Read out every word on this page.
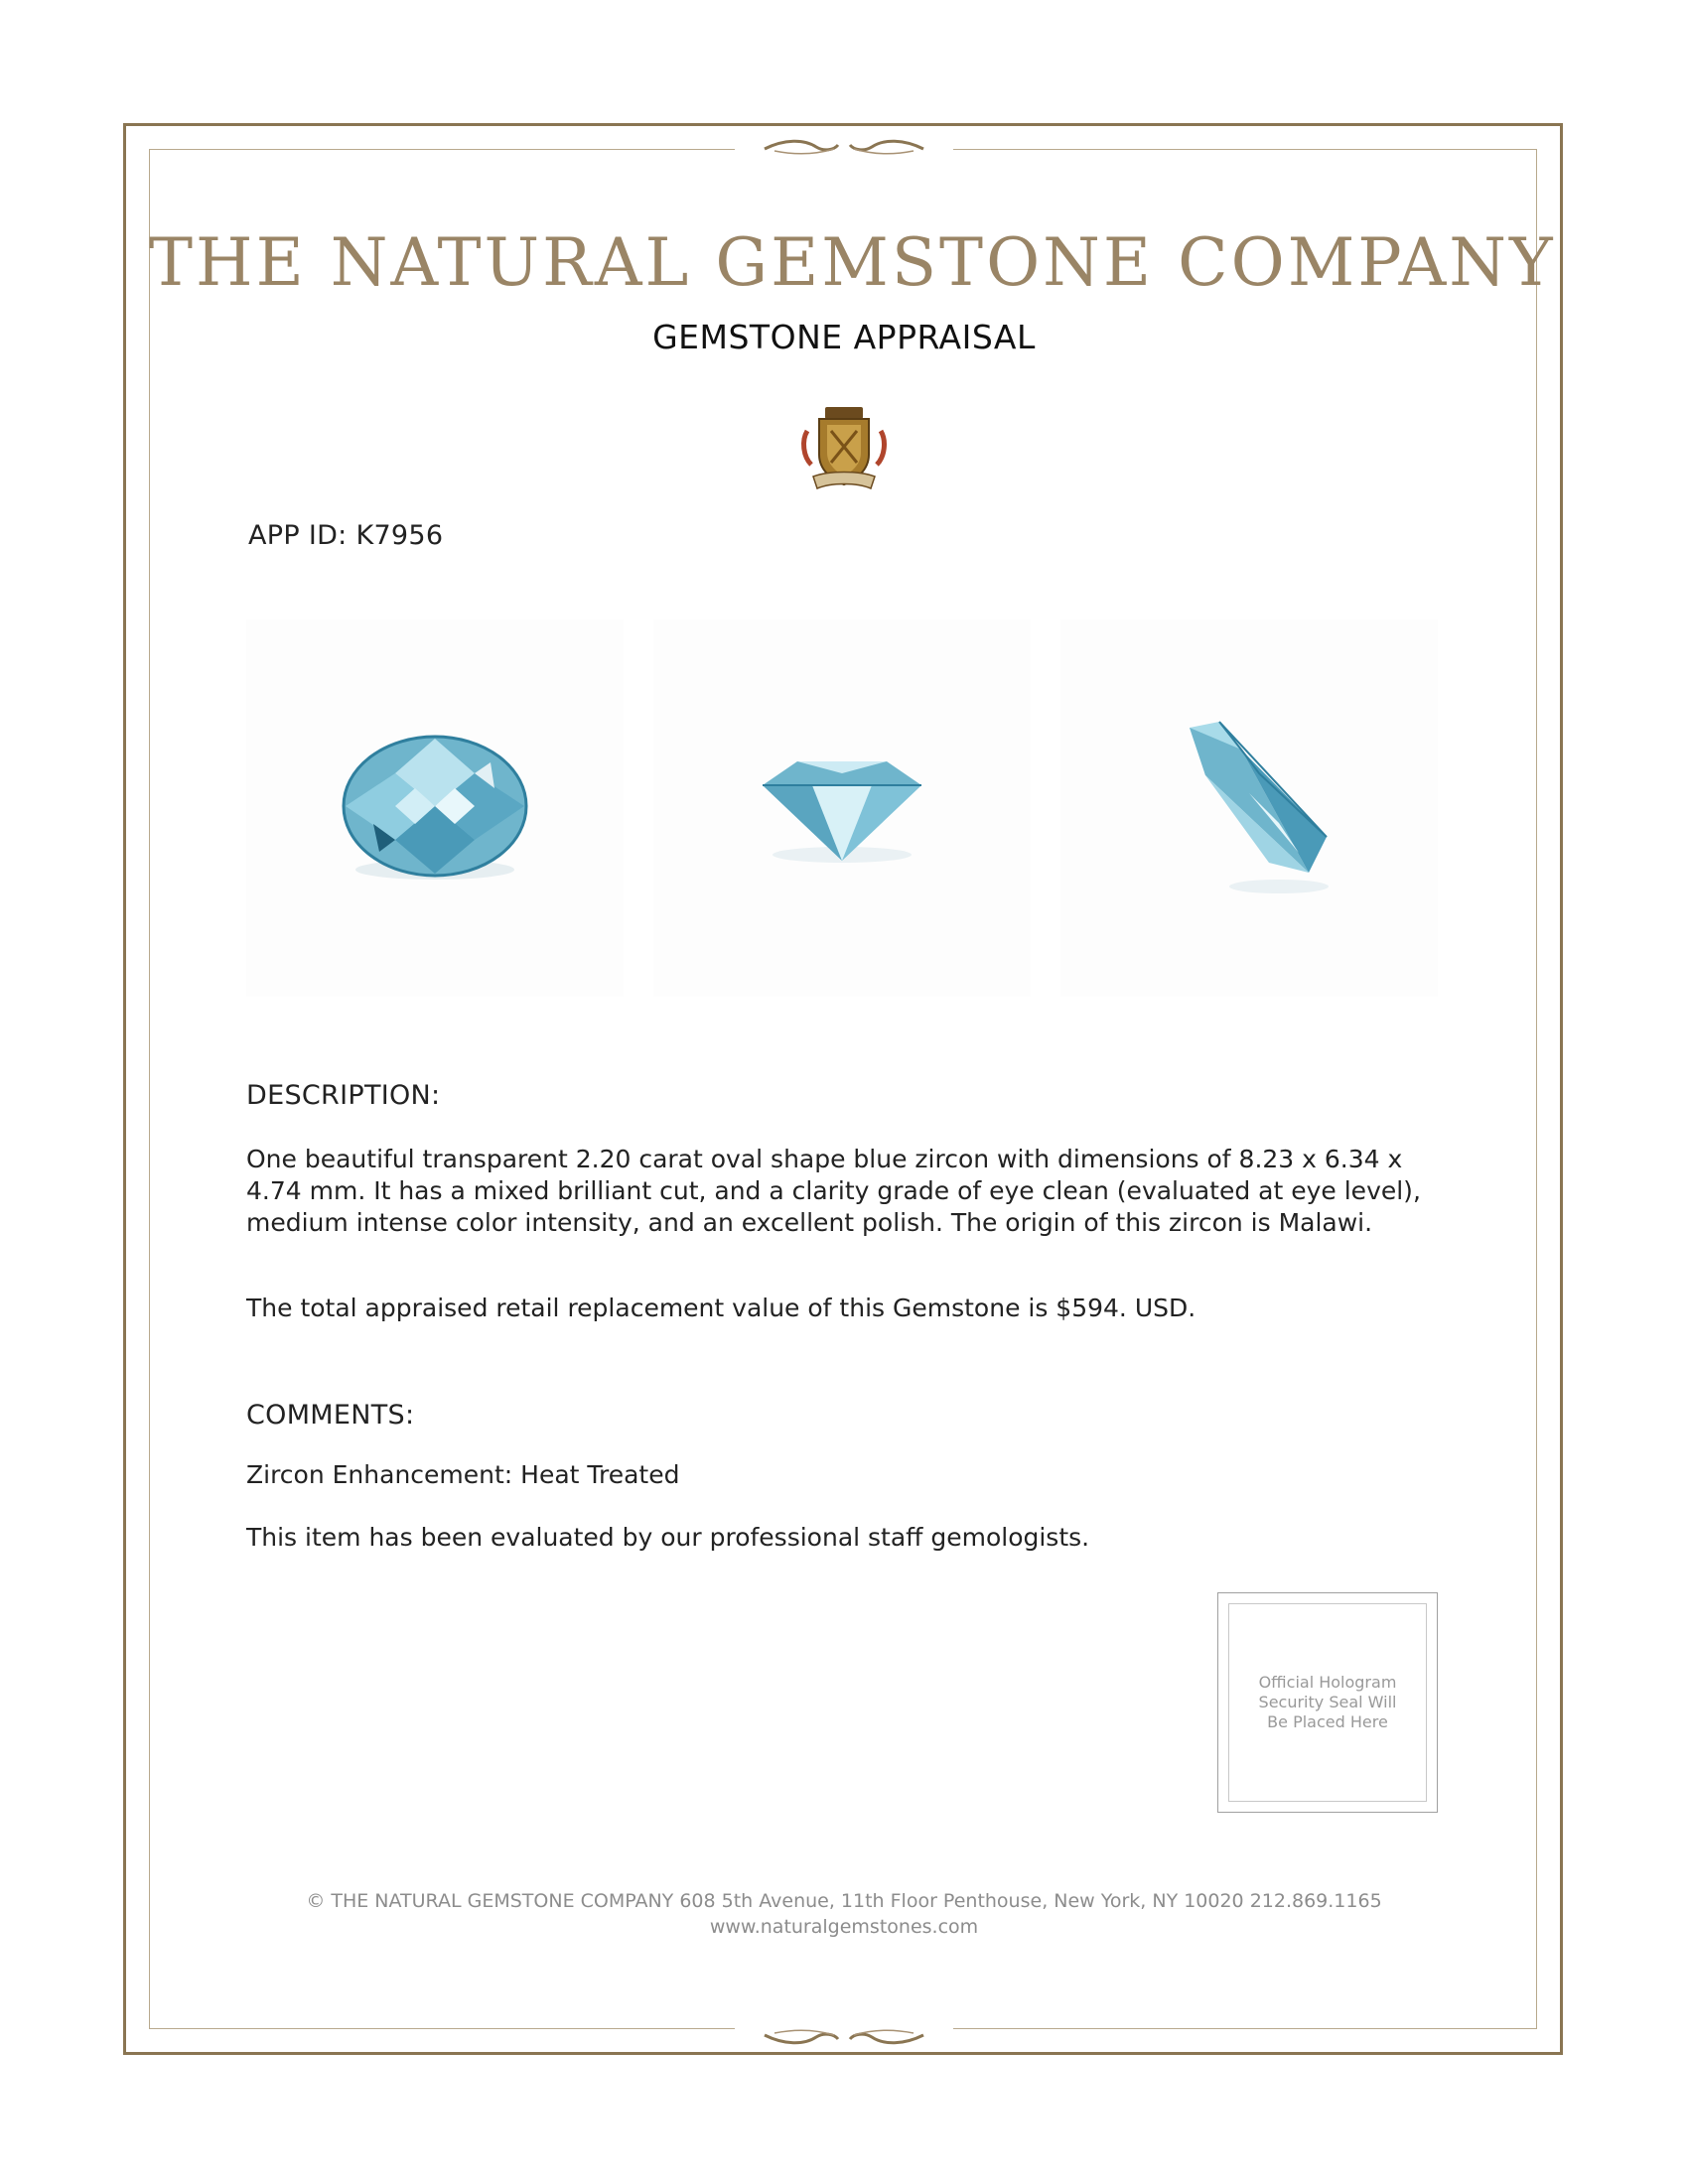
THE NATURAL GEMSTONE COMPANY
GEMSTONE APPRAISAL
APP ID: K7956
DESCRIPTION:
One beautiful transparent 2.20 carat oval shape blue zircon with dimensions of 8.23 x 6.34 x 4.74 mm. It has a mixed brilliant cut, and a clarity grade of eye clean (evaluated at eye level), medium intense color intensity, and an excellent polish. The origin of this zircon is Malawi.
The total appraised retail replacement value of this Gemstone is $594. USD.
COMMENTS:
Zircon Enhancement: Heat Treated
This item has been evaluated by our professional staff gemologists.
Official Hologram Security Seal Will Be Placed Here
© THE NATURAL GEMSTONE COMPANY 608 5th Avenue, 11th Floor Penthouse, New York, NY 10020 212.869.1165
www.naturalgemstones.com
